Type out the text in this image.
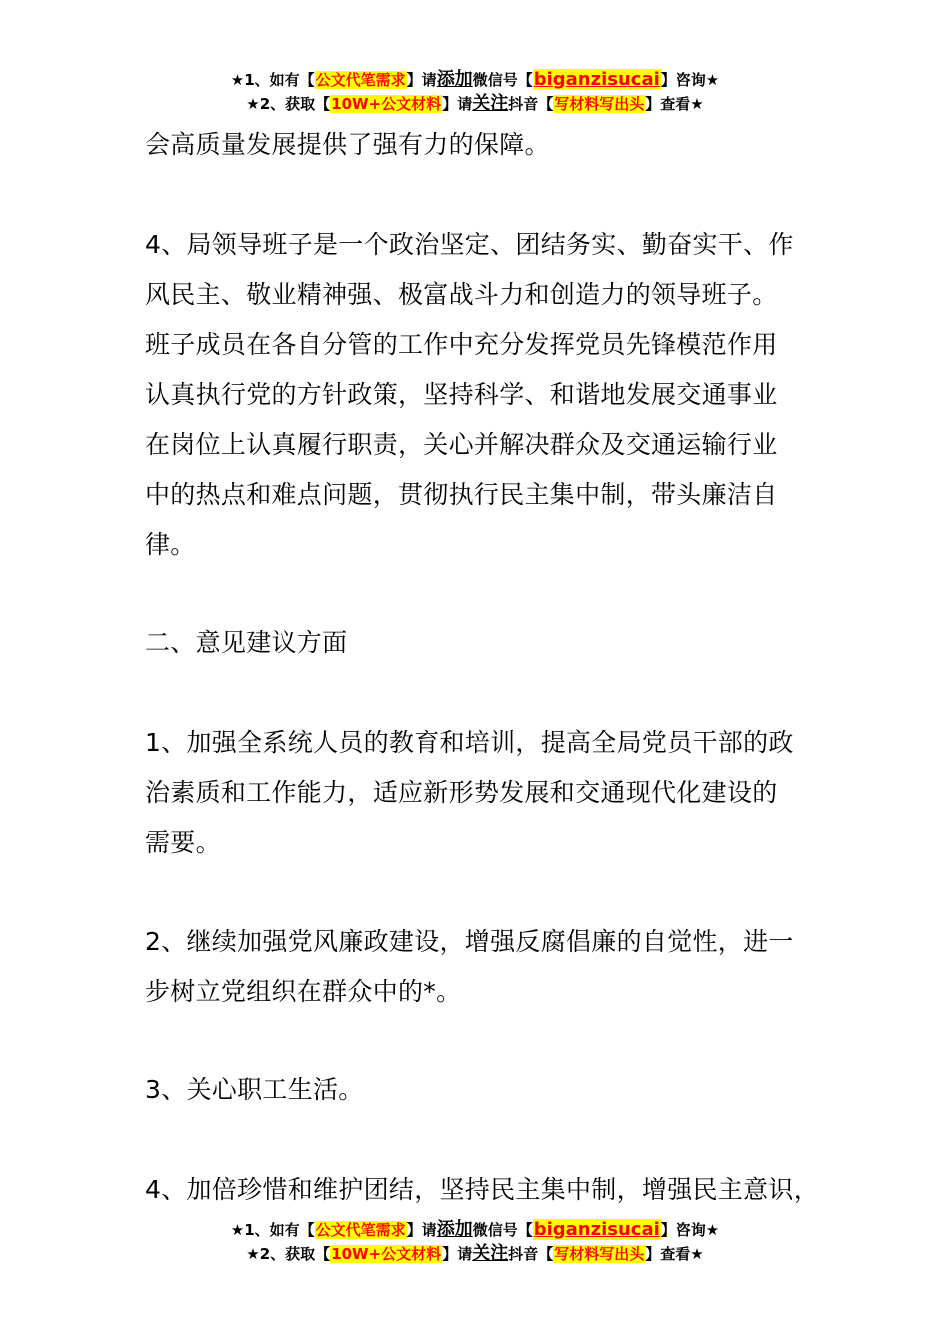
★1、如有【公文代笔需求】请添加微信号【biganzisucai】咨询★
★2、获取【10W+公文材料】请关注抖音【写材料写出头】查看★

会高质量发展提供了强有力的保障。

4、局领导班子是一个政治坚定、团结务实、勤奋实干、作

风民主、敬业精神强、极富战斗力和创造力的领导班子。

班子成员在各自分管的工作中充分发挥党员先锋模范作用

认真执行党的方针政策，坚持科学、和谐地发展交通事业

在岗位上认真履行职责，关心并解决群众及交通运输行业

中的热点和难点问题，贯彻执行民主集中制，带头廉洁自

律。

二、意见建议方面

1、加强全系统人员的教育和培训，提高全局党员干部的政

治素质和工作能力，适应新形势发展和交通现代化建设的

需要。

2、继续加强党风廉政建设，增强反腐倡廉的自觉性，进一

步树立党组织在群众中的*。

3、关心职工生活。

4、加倍珍惜和维护团结，坚持民主集中制，增强民主意识，

★1、如有【公文代笔需求】请添加微信号【biganzisucai】咨询★
★2、获取【10W+公文材料】请关注抖音【写材料写出头】查看★
